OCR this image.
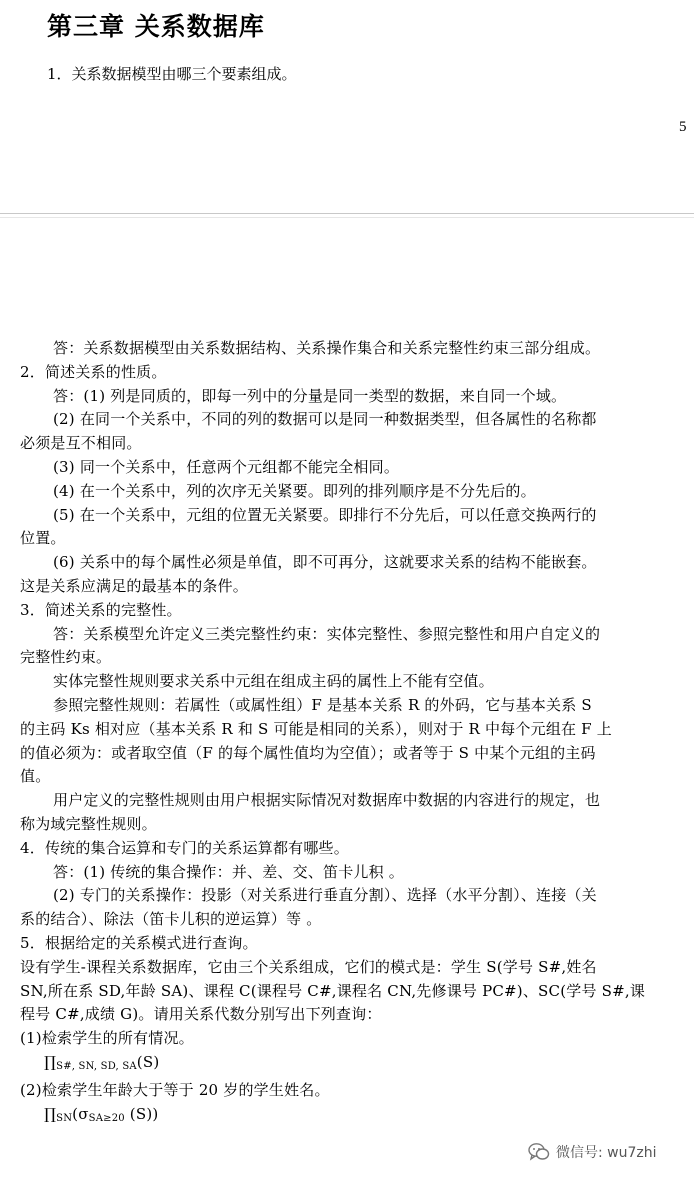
第三章 关系数据库
1．关系数据模型由哪三个要素组成。
5

答：关系数据模型由关系数据结构、关系操作集合和关系完整性约束三部分组成。

2．简述关系的性质。

答：(1) 列是同质的，即每一列中的分量是同一类型的数据，来自同一个域。

(2) 在同一个关系中，不同的列的数据可以是同一种数据类型，但各属性的名称都

必须是互不相同。

(3) 同一个关系中，任意两个元组都不能完全相同。

(4) 在一个关系中，列的次序无关紧要。即列的排列顺序是不分先后的。

(5) 在一个关系中，元组的位置无关紧要。即排行不分先后，可以任意交换两行的

位置。

(6) 关系中的每个属性必须是单值，即不可再分，这就要求关系的结构不能嵌套。

这是关系应满足的最基本的条件。

3．简述关系的完整性。

答：关系模型允许定义三类完整性约束：实体完整性、参照完整性和用户自定义的

完整性约束。

实体完整性规则要求关系中元组在组成主码的属性上不能有空值。

参照完整性规则：若属性（或属性组）F 是基本关系 R 的外码，它与基本关系 S

的主码 Ks 相对应（基本关系 R 和 S 可能是相同的关系），则对于 R 中每个元组在 F 上

的值必须为：或者取空值（F 的每个属性值均为空值）；或者等于 S 中某个元组的主码

值。

用户定义的完整性规则由用户根据实际情况对数据库中数据的内容进行的规定，也

称为域完整性规则。

4．传统的集合运算和专门的关系运算都有哪些。

答：(1) 传统的集合操作：并、差、交、笛卡儿积 。

(2) 专门的关系操作：投影（对关系进行垂直分割）、选择（水平分割）、连接（关

系的结合）、除法（笛卡儿积的逆运算）等 。

5．根据给定的关系模式进行查询。

设有学生-课程关系数据库，它由三个关系组成，它们的模式是：学生 S(学号 S#,姓名

SN,所在系 SD,年龄 SA)、课程 C(课程号 C#,课程名 CN,先修课号 PC#)、SC(学号 S#,课

程号 C#,成绩 G)。请用关系代数分别写出下列查询：

(1)检索学生的所有情况。

$\prod_{S\#, SN, SD, SA}(S)$

(2)检索学生年龄大于等于 20 岁的学生姓名。

$\prod_{SN}(\sigma_{SA\ge 20}$ (S))

微信号: wu7zhi
